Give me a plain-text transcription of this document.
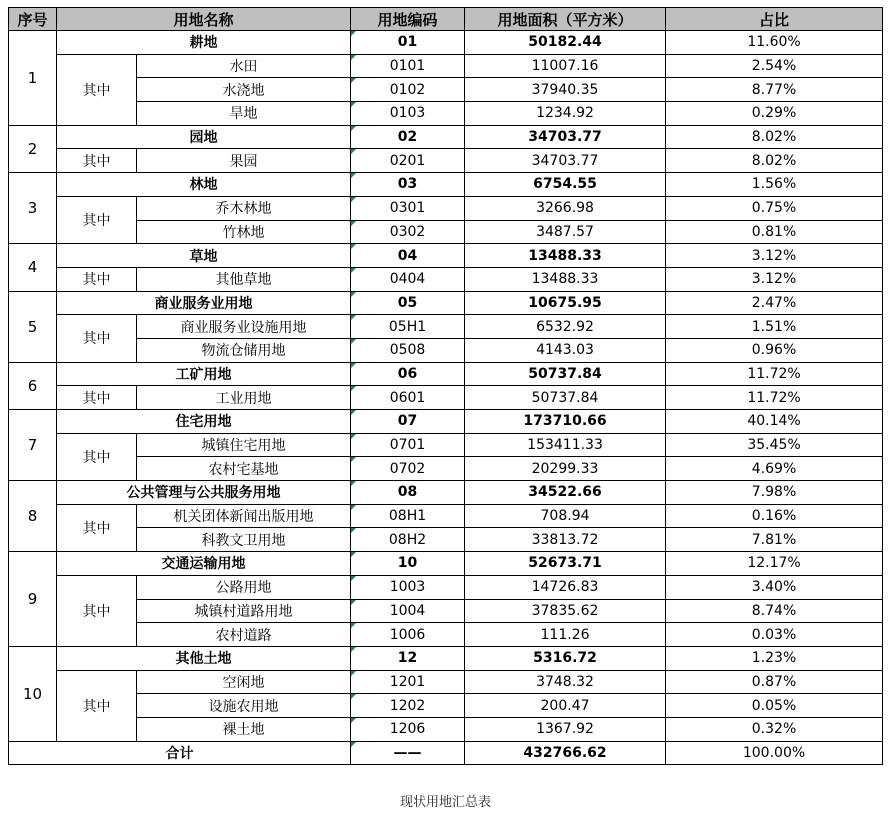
序号	用地名称		用地编码	用地面积（平方米）	占比
1	耕地		01	50182.44	11.60%
	其中	水田	0101	11007.16	2.54%
		水浇地	0102	37940.35	8.77%
		旱地	0103	1234.92	0.29%
2	园地		02	34703.77	8.02%
	其中	果园	0201	34703.77	8.02%
3	林地		03	6754.55	1.56%
	其中	乔木林地	0301	3266.98	0.75%
		竹林地	0302	3487.57	0.81%
4	草地		04	13488.33	3.12%
	其中	其他草地	0404	13488.33	3.12%
5	商业服务业用地		05	10675.95	2.47%
	其中	商业服务业设施用地	05H1	6532.92	1.51%
		物流仓储用地	0508	4143.03	0.96%
6	工矿用地		06	50737.84	11.72%
	其中	工业用地	0601	50737.84	11.72%
7	住宅用地		07	173710.66	40.14%
	其中	城镇住宅用地	0701	153411.33	35.45%
		农村宅基地	0702	20299.33	4.69%
8	公共管理与公共服务用地		08	34522.66	7.98%
	其中	机关团体新闻出版用地	08H1	708.94	0.16%
		科教文卫用地	08H2	33813.72	7.81%
9	交通运输用地		10	52673.71	12.17%
	其中	公路用地	1003	14726.83	3.40%
		城镇村道路用地	1004	37835.62	8.74%
		农村道路	1006	111.26	0.03%
10	其他土地		12	5316.72	1.23%
	其中	空闲地	1201	3748.32	0.87%
		设施农用地	1202	200.47	0.05%
		裸土地	1206	1367.92	0.32%
合计			——	432766.62	100.00%
现状用地汇总表
